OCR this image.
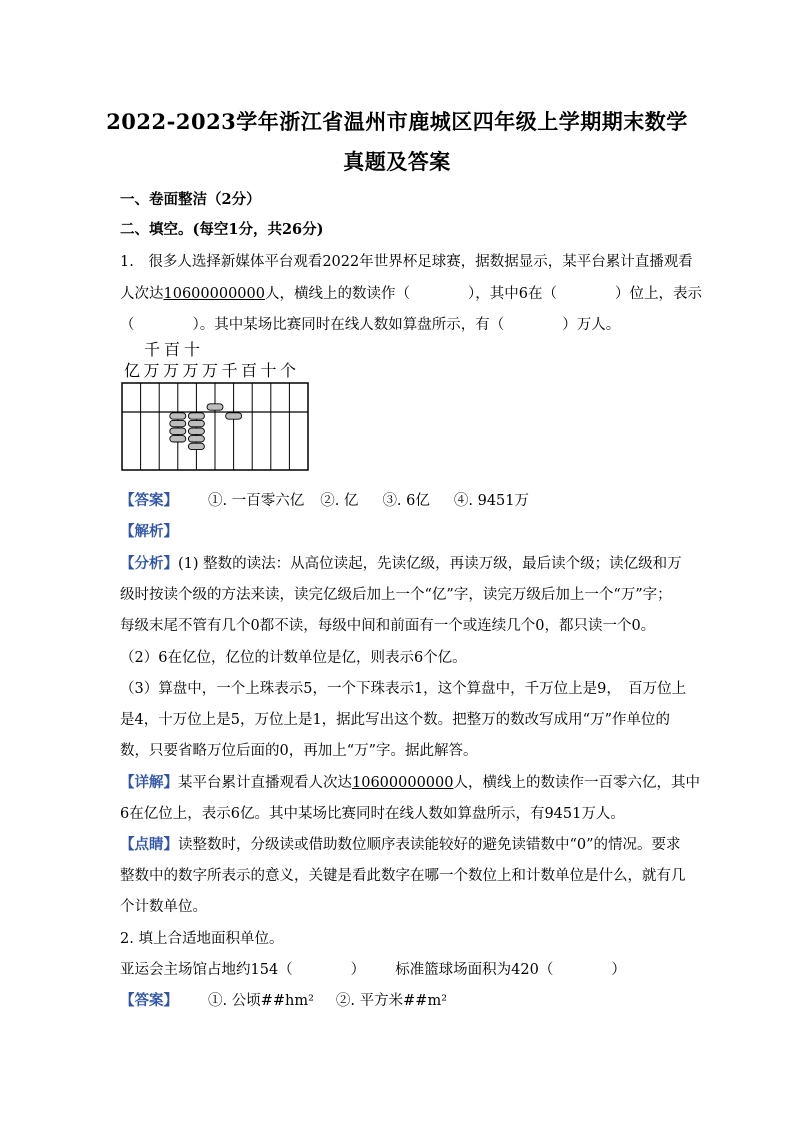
2022-2023学年浙江省温州市鹿城区四年级上学期期末数学
真题及答案
一、卷面整洁（2分）
二、填空。(每空1分，共26分)
1.　很多人选择新媒体平台观看2022年世界杯足球赛，据数据显示，某平台累计直播观看
人次达10600000000人，横线上的数读作（　　　　），其中6在（　　　　）位上，表示
（　　　　）。其中某场比赛同时在线人数如算盘所示，有（　　　　）万人。
千 百 十
亿 万 万 万 万 千 百 十 个
【答案】 ①. 一百零六亿 ②. 亿 ③. 6亿 ④. 9451万
【解析】
【分析】(1) 整数的读法：从高位读起，先读亿级，再读万级，最后读个级；读亿级和万
级时按读个级的方法来读，读完亿级后加上一个“亿”字，读完万级后加上一个“万”字；
每级末尾不管有几个0都不读，每级中间和前面有一个或连续几个0，都只读一个0。
（2）6在亿位，亿位的计数单位是亿，则表示6个亿。
（3）算盘中，一个上珠表示5，一个下珠表示1，这个算盘中，千万位上是9，　百万位上
是4，十万位上是5，万位上是1，据此写出这个数。把整万的数改写成用“万”作单位的
数，只要省略万位后面的0，再加上“万”字。据此解答。
【详解】某平台累计直播观看人次达10600000000人，横线上的数读作一百零六亿，其中
6在亿位上，表示6亿。其中某场比赛同时在线人数如算盘所示，有9451万人。
【点睛】读整数时，分级读或借助数位顺序表读能较好的避免读错数中“0”的情况。要求
整数中的数字所表示的意义，关键是看此数字在哪一个数位上和计数单位是什么，就有几
个计数单位。
2. 填上合适地面积单位。
亚运会主场馆占地约154（　　　　） 标准篮球场面积为420（　　　　）
【答案】 ①. 公顷##hm² ②. 平方米##m²
